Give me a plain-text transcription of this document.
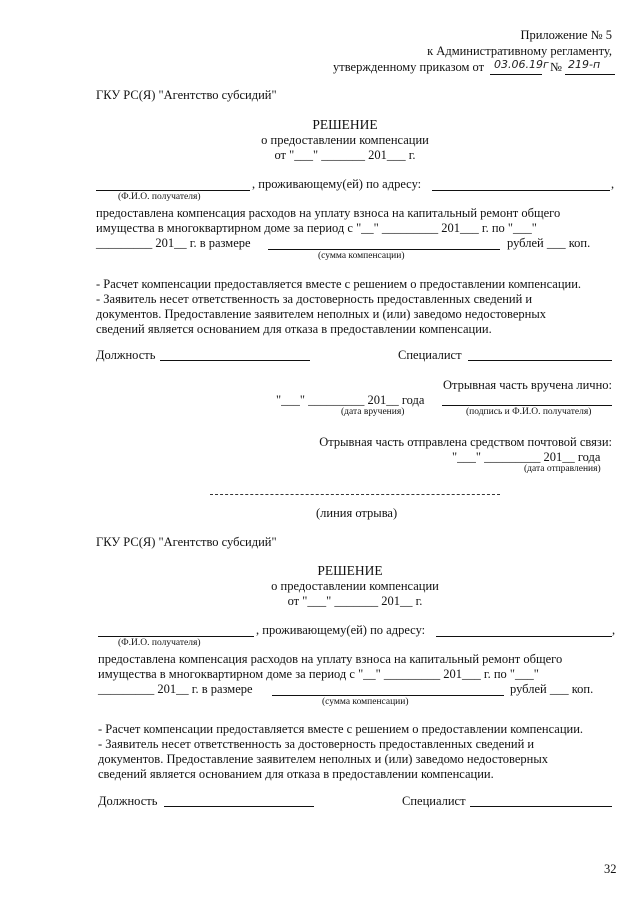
Приложение № 5
к Административному регламенту,
утвержденному приказом от 03.06.19г № 219-п
ГКУ РС(Я) "Агентство субсидий"
РЕШЕНИЕ
о предоставлении компенсации
от "___" _______ 201___ г.
, проживающему(ей) по адресу:	,
(Ф.И.О. получателя)
предоставлена компенсация расходов на уплату взноса на капитальный ремонт общего
имущества в многоквартирном доме за период с "__" _________ 201___ г. по "___"
_________ 201__ г. в размере	рублей ___ коп.
(сумма компенсации)
- Расчет компенсации предоставляется вместе с решением о предоставлении компенсации.
- Заявитель несет ответственность за достоверность предоставленных сведений и
документов. Предоставление заявителем неполных и (или) заведомо недостоверных
сведений является основанием для отказа в предоставлении компенсации.
Должность	Специалист
Отрывная часть вручена лично:
"___" _________ 201__ года
(дата вручения)	(подпись и Ф.И.О. получателя)
Отрывная часть отправлена средством почтовой связи:
"___" _________ 201__ года
(дата отправления)
(линия отрыва)
ГКУ РС(Я) "Агентство субсидий"
РЕШЕНИЕ
о предоставлении компенсации
от "___" _______ 201__ г.
, проживающему(ей) по адресу:	,
(Ф.И.О. получателя)
предоставлена компенсация расходов на уплату взноса на капитальный ремонт общего
имущества в многоквартирном доме за период с "__" _________ 201___ г. по "___"
_________ 201__ г. в размере	рублей ___ коп.
(сумма компенсации)
- Расчет компенсации предоставляется вместе с решением о предоставлении компенсации.
- Заявитель несет ответственность за достоверность предоставленных сведений и
документов. Предоставление заявителем неполных и (или) заведомо недостоверных
сведений является основанием для отказа в предоставлении компенсации.
Должность	Специалист
32
